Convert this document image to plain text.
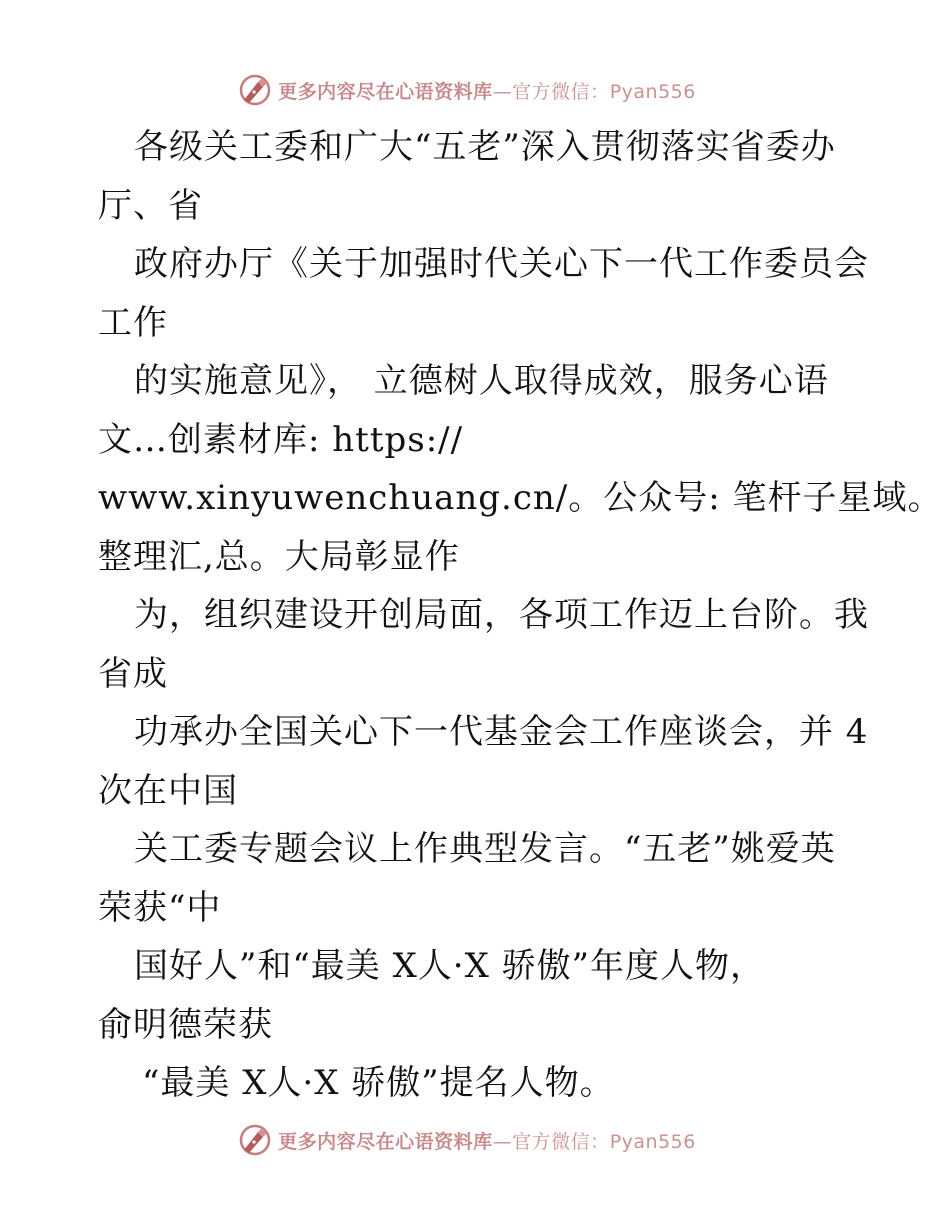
更多内容尽在心语资料库—官方微信：Pyan556
各级关工委和广大“五老”深入贯彻落实省委办
厅、省
政府办厅《关于加强时代关心下一代工作委员会
工作
的实施意见》， 立德树人取得成效，服务心语
文…创素材库: https://
www.xinyuwenchuang.cn/。公众号: 笔杆子星域。
整理汇,总。大局彰显作
为，组织建设开创局面，各项工作迈上台阶。我
省成
功承办全国关心下一代基金会工作座谈会，并 4
次在中国
关工委专题会议上作典型发言。“五老”姚爱英
荣获“中
国好人”和“最美 X人·X 骄傲”年度人物，
俞明德荣获
“最美 X人·X 骄傲”提名人物。
更多内容尽在心语资料库—官方微信：Pyan556
